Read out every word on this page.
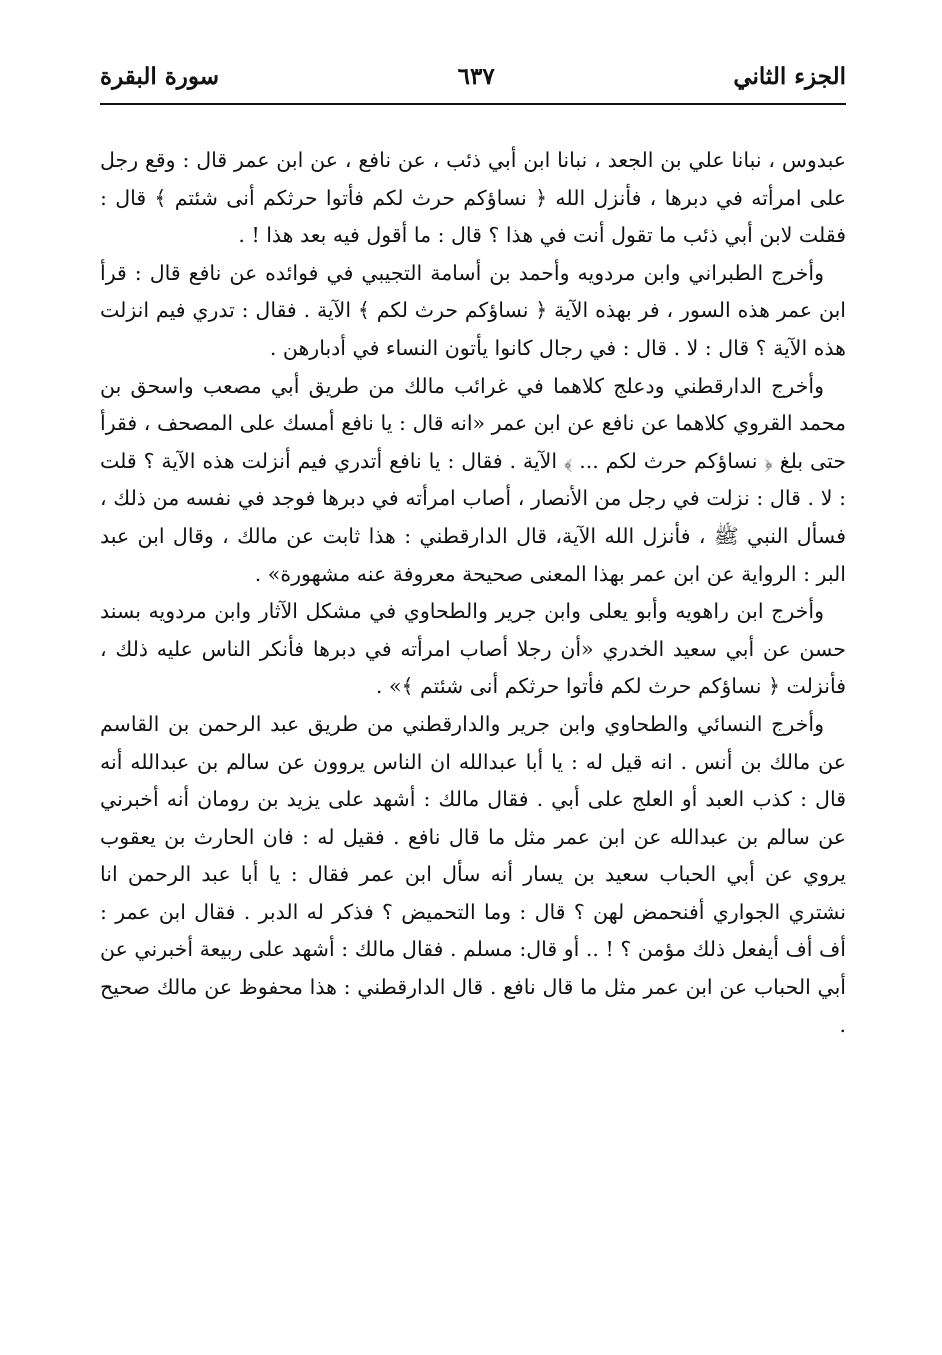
الجزء الثاني
٦٣٧
سورة البقرة

عبدوس ، نبانا علي بن الجعد ، نبانا ابن أبي ذئب ، عن نافع ، عن ابن عمر قال : وقع رجل على امرأته في دبرها ، فأنزل الله ﴿ نساؤكم حرث لكم فأتوا حرثكم أنى شئتم ﴾ قال : فقلت لابن أبي ذئب ما تقول أنت في هذا ؟ قال : ما أقول فيه بعد هذا ! .

وأخرج الطبراني وابن مردويه وأحمد بن أسامة التجيبي في فوائده عن نافع قال : قرأ ابن عمر هذه السور ، فر بهذه الآية ﴿ نساؤكم حرث لكم ﴾ الآية . فقال : تدري فيم انزلت هذه الآية ؟ قال : لا . قال : في رجال كانوا يأتون النساء في أدبارهن .

وأخرج الدارقطني ودعلج كلاهما في غرائب مالك من طريق أبي مصعب واسحق بن محمد القروي كلاهما عن نافع عن ابن عمر «انه قال : يا نافع أمسك على المصحف ، فقرأ حتى بلغ ﴿ نساؤكم حرث لكم ... ﴾ الآية . فقال : يا نافع أتدري فيم أنزلت هذه الآية ؟ قلت : لا . قال : نزلت في رجل من الأنصار ، أصاب امرأته في دبرها فوجد في نفسه من ذلك ، فسأل النبي ﷺ ، فأنزل الله الآية، قال الدارقطني : هذا ثابت عن مالك ، وقال ابن عبد البر : الرواية عن ابن عمر بهذا المعنى صحيحة معروفة عنه مشهورة» .

وأخرج ابن راهويه وأبو يعلى وابن جرير والطحاوي في مشكل الآثار وابن مردويه بسند حسن عن أبي سعيد الخدري «أن رجلا أصاب امرأته في دبرها فأنكر الناس عليه ذلك ، فأنزلت ﴿ نساؤكم حرث لكم فأتوا حرثكم أنى شئتم ﴾» .

وأخرج النسائي والطحاوي وابن جرير والدارقطني من طريق عبد الرحمن بن القاسم عن مالك بن أنس . انه قيل له : يا أبا عبدالله ان الناس يروون عن سالم بن عبدالله أنه قال : كذب العبد أو العلج على أبي . فقال مالك : أشهد على يزيد بن رومان أنه أخبرني عن سالم بن عبدالله عن ابن عمر مثل ما قال نافع . فقيل له : فان الحارث بن يعقوب يروي عن أبي الحباب سعيد بن يسار أنه سأل ابن عمر فقال : يا أبا عبد الرحمن انا نشتري الجواري أفنحمض لهن ؟ قال : وما التحميض ؟ فذكر له الدبر . فقال ابن عمر : أف أف أيفعل ذلك مؤمن ؟ ! .. أو قال: مسلم . فقال مالك : أشهد على ربيعة أخبرني عن أبي الحباب عن ابن عمر مثل ما قال نافع . قال الدارقطني : هذا محفوظ عن مالك صحيح .
